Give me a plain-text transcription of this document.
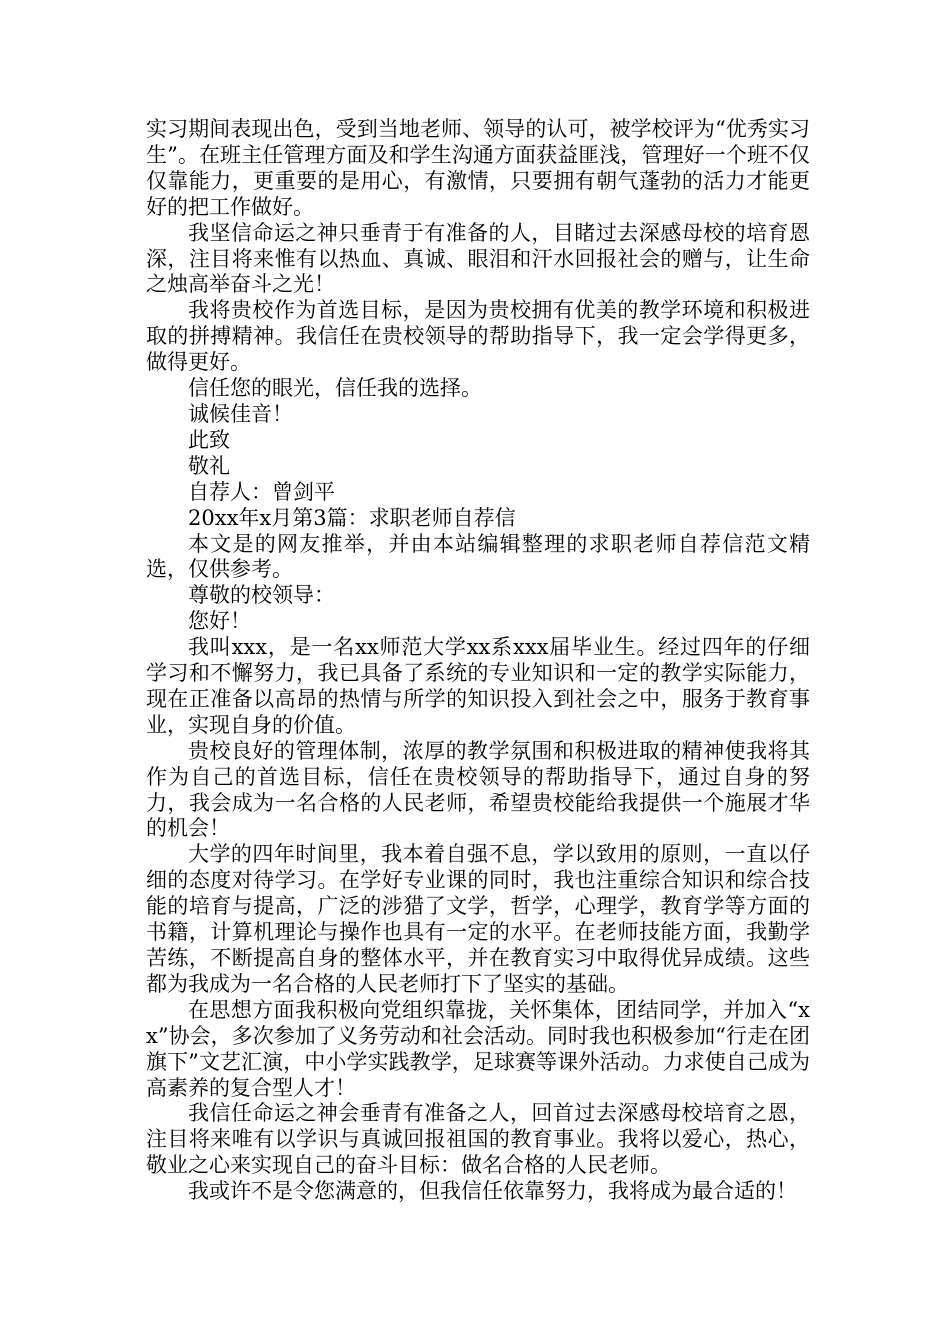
实习期间表现出色，受到当地老师、领导的认可，被学校评为“优秀实习生”。在班主任管理方面及和学生沟通方面获益匪浅，管理好一个班不仅仅靠能力，更重要的是用心，有激情，只要拥有朝气蓬勃的活力才能更好的把工作做好。

我坚信命运之神只垂青于有准备的人，目睹过去深感母校的培育恩深，注目将来惟有以热血、真诚、眼泪和汗水回报社会的赠与，让生命之烛高举奋斗之光！

我将贵校作为首选目标，是因为贵校拥有优美的教学环境和积极进取的拼搏精神。我信任在贵校领导的帮助指导下，我一定会学得更多，做得更好。

信任您的眼光，信任我的选择。

诚候佳音！

此致

敬礼

自荐人：曾剑平

20xx年x月第3篇：求职老师自荐信

本文是的网友推举，并由本站编辑整理的求职老师自荐信范文精选，仅供参考。

尊敬的校领导：

您好！

我叫xxx，是一名xx师范大学xx系xxx届毕业生。经过四年的仔细学习和不懈努力，我已具备了系统的专业知识和一定的教学实际能力，现在正准备以高昂的热情与所学的知识投入到社会之中，服务于教育事业，实现自身的价值。

贵校良好的管理体制，浓厚的教学氛围和积极进取的精神使我将其作为自己的首选目标，信任在贵校领导的帮助指导下，通过自身的努力，我会成为一名合格的人民老师，希望贵校能给我提供一个施展才华的机会！

大学的四年时间里，我本着自强不息，学以致用的原则，一直以仔细的态度对待学习。在学好专业课的同时，我也注重综合知识和综合技能的培育与提高，广泛的涉猎了文学，哲学，心理学，教育学等方面的书籍，计算机理论与操作也具有一定的水平。在老师技能方面，我勤学苦练，不断提高自身的整体水平，并在教育实习中取得优异成绩。这些都为我成为一名合格的人民老师打下了坚实的基础。

在思想方面我积极向党组织靠拢，关怀集体，团结同学，并加入“xx”协会，多次参加了义务劳动和社会活动。同时我也积极参加“行走在团旗下”文艺汇演，中小学实践教学，足球赛等课外活动。力求使自己成为高素养的复合型人才！

我信任命运之神会垂青有准备之人，回首过去深感母校培育之恩，注目将来唯有以学识与真诚回报祖国的教育事业。我将以爱心，热心，敬业之心来实现自己的奋斗目标：做名合格的人民老师。

我或许不是令您满意的，但我信任依靠努力，我将成为最合适的！
